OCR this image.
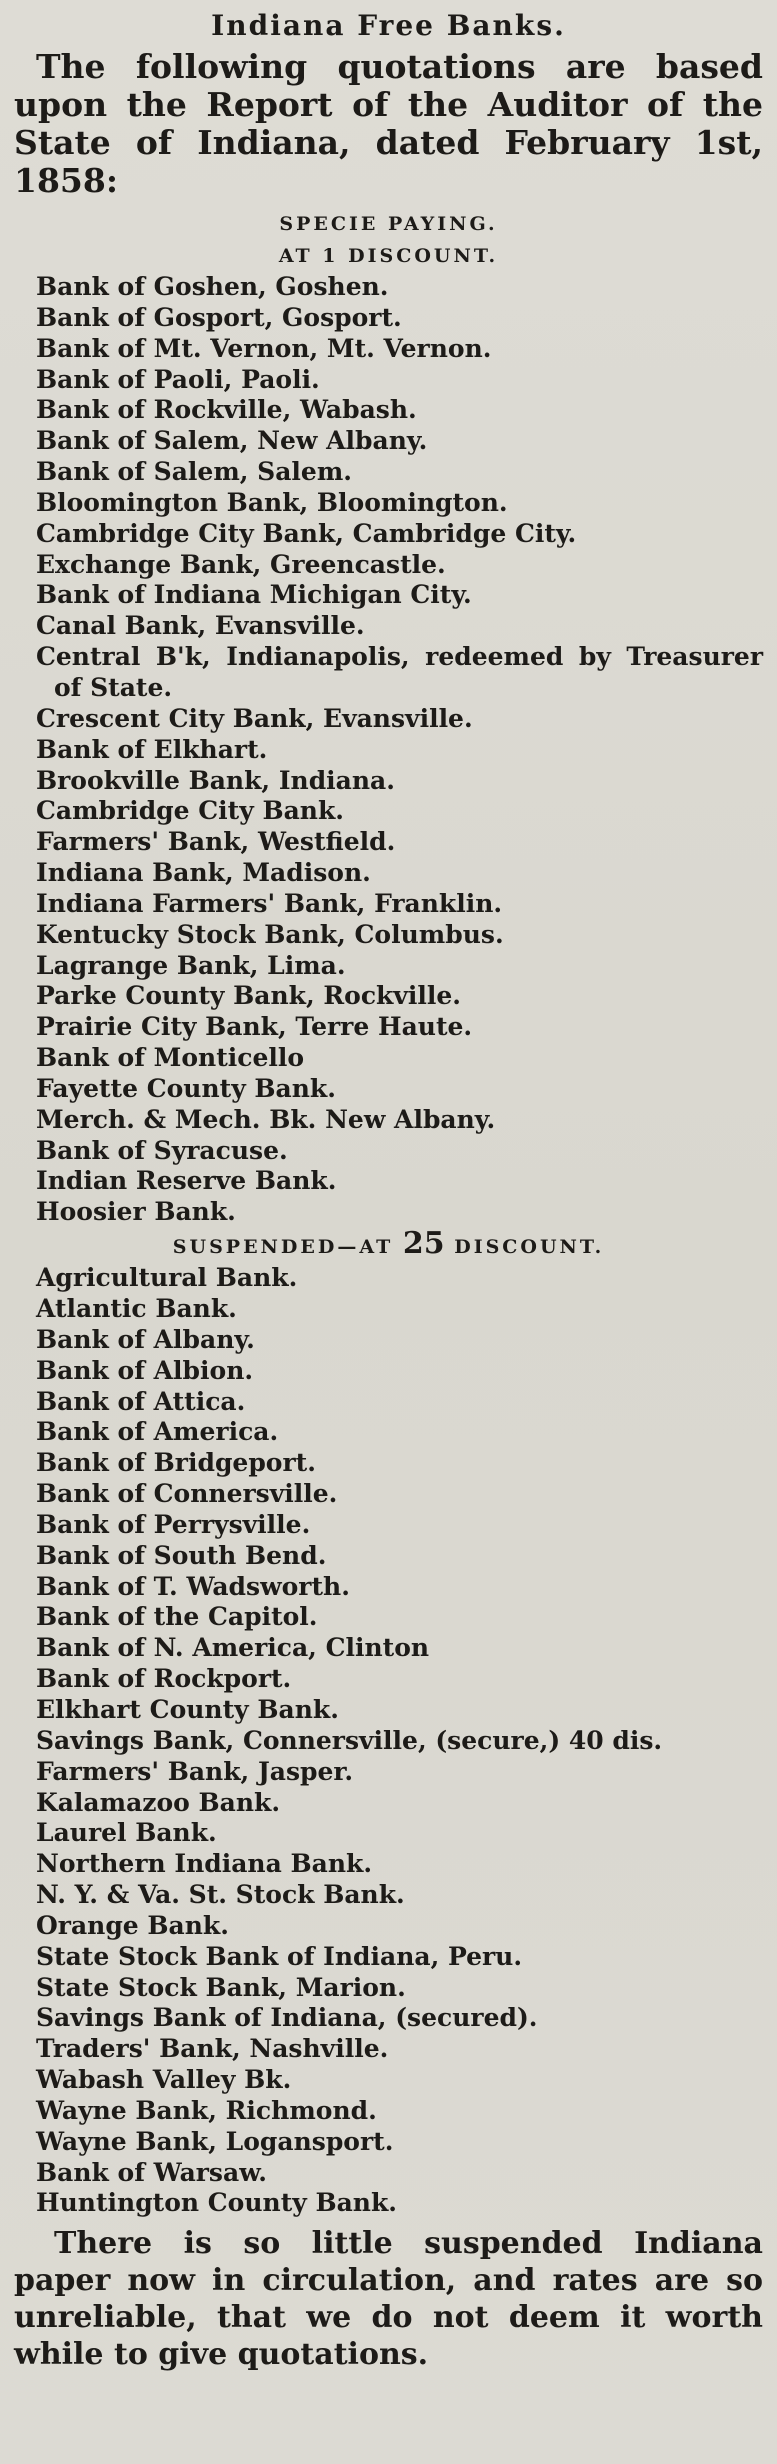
Indiana Free Banks.

The following quotations are based upon the Report of the Auditor of the State of Indiana, dated February 1st, 1858:

SPECIE PAYING.
AT 1 DISCOUNT.
Bank of Goshen, Goshen.
Bank of Gosport, Gosport.
Bank of Mt. Vernon, Mt. Vernon.
Bank of Paoli, Paoli.
Bank of Rockville, Wabash.
Bank of Salem, New Albany.
Bank of Salem, Salem.
Bloomington Bank, Bloomington.
Cambridge City Bank, Cambridge City.
Exchange Bank, Greencastle.
Bank of Indiana Michigan City.
Canal Bank, Evansville.
Central B'k, Indianapolis, redeemed by Treasurer of State.
Crescent City Bank, Evansville.
Bank of Elkhart.
Brookville Bank, Indiana.
Cambridge City Bank.
Farmers' Bank, Westfield.
Indiana Bank, Madison.
Indiana Farmers' Bank, Franklin.
Kentucky Stock Bank, Columbus.
Lagrange Bank, Lima.
Parke County Bank, Rockville.
Prairie City Bank, Terre Haute.
Bank of Monticello
Fayette County Bank.
Merch. & Mech. Bk. New Albany.
Bank of Syracuse.
Indian Reserve Bank.
Hoosier Bank.
SUSPENDED—AT 25 DISCOUNT.
Agricultural Bank.
Atlantic Bank.
Bank of Albany.
Bank of Albion.
Bank of Attica.
Bank of America.
Bank of Bridgeport.
Bank of Connersville.
Bank of Perrysville.
Bank of South Bend.
Bank of T. Wadsworth.
Bank of the Capitol.
Bank of N. America, Clinton
Bank of Rockport.
Elkhart County Bank.
Savings Bank, Connersville, (secure,) 40 dis.
Farmers' Bank, Jasper.
Kalamazoo Bank.
Laurel Bank.
Northern Indiana Bank.
N. Y. & Va. St. Stock Bank.
Orange Bank.
State Stock Bank of Indiana, Peru.
State Stock Bank, Marion.
Savings Bank of Indiana, (secured).
Traders' Bank, Nashville.
Wabash Valley Bk.
Wayne Bank, Richmond.
Wayne Bank, Logansport.
Bank of Warsaw.
Huntington County Bank.

There is so little suspended Indiana paper now in circulation, and rates are so unreliable, that we do not deem it worth while to give quotations.
